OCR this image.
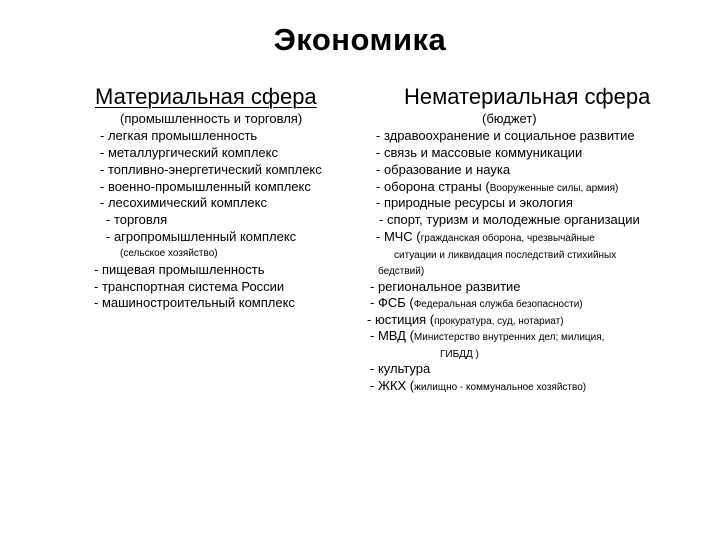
Экономика
Материальная сфера	Нематериальная сфера
(промышленность и торговля)	(бюджет)
- легкая промышленность
- металлургический комплекс
- топливно-энергетический комплекс
- военно-промышленный комплекс
- лесохимический комплекс
- торговля
- агропромышленный комплекс
(сельское хозяйство)
- пищевая промышленность
- транспортная система России
- машиностроительный комплекс
- здравоохранение и социальное развитие
- связь и массовые коммуникации
- образование и наука
- оборона страны (Вооруженные силы, армия)
- природные ресурсы и экология
- спорт, туризм и молодежные организации
- МЧС (гражданская оборона, чрезвычайные
ситуации и ликвидация последствий стихийных
бедствий)
- региональное развитие
- ФСБ (Федеральная служба безопасности)
- юстиция (прокуратура, суд, нотариат)
- МВД (Министерство внутренних дел; милиция,
ГИБДД )
- культура
- ЖКХ (жилищно - коммунальное хозяйство)
